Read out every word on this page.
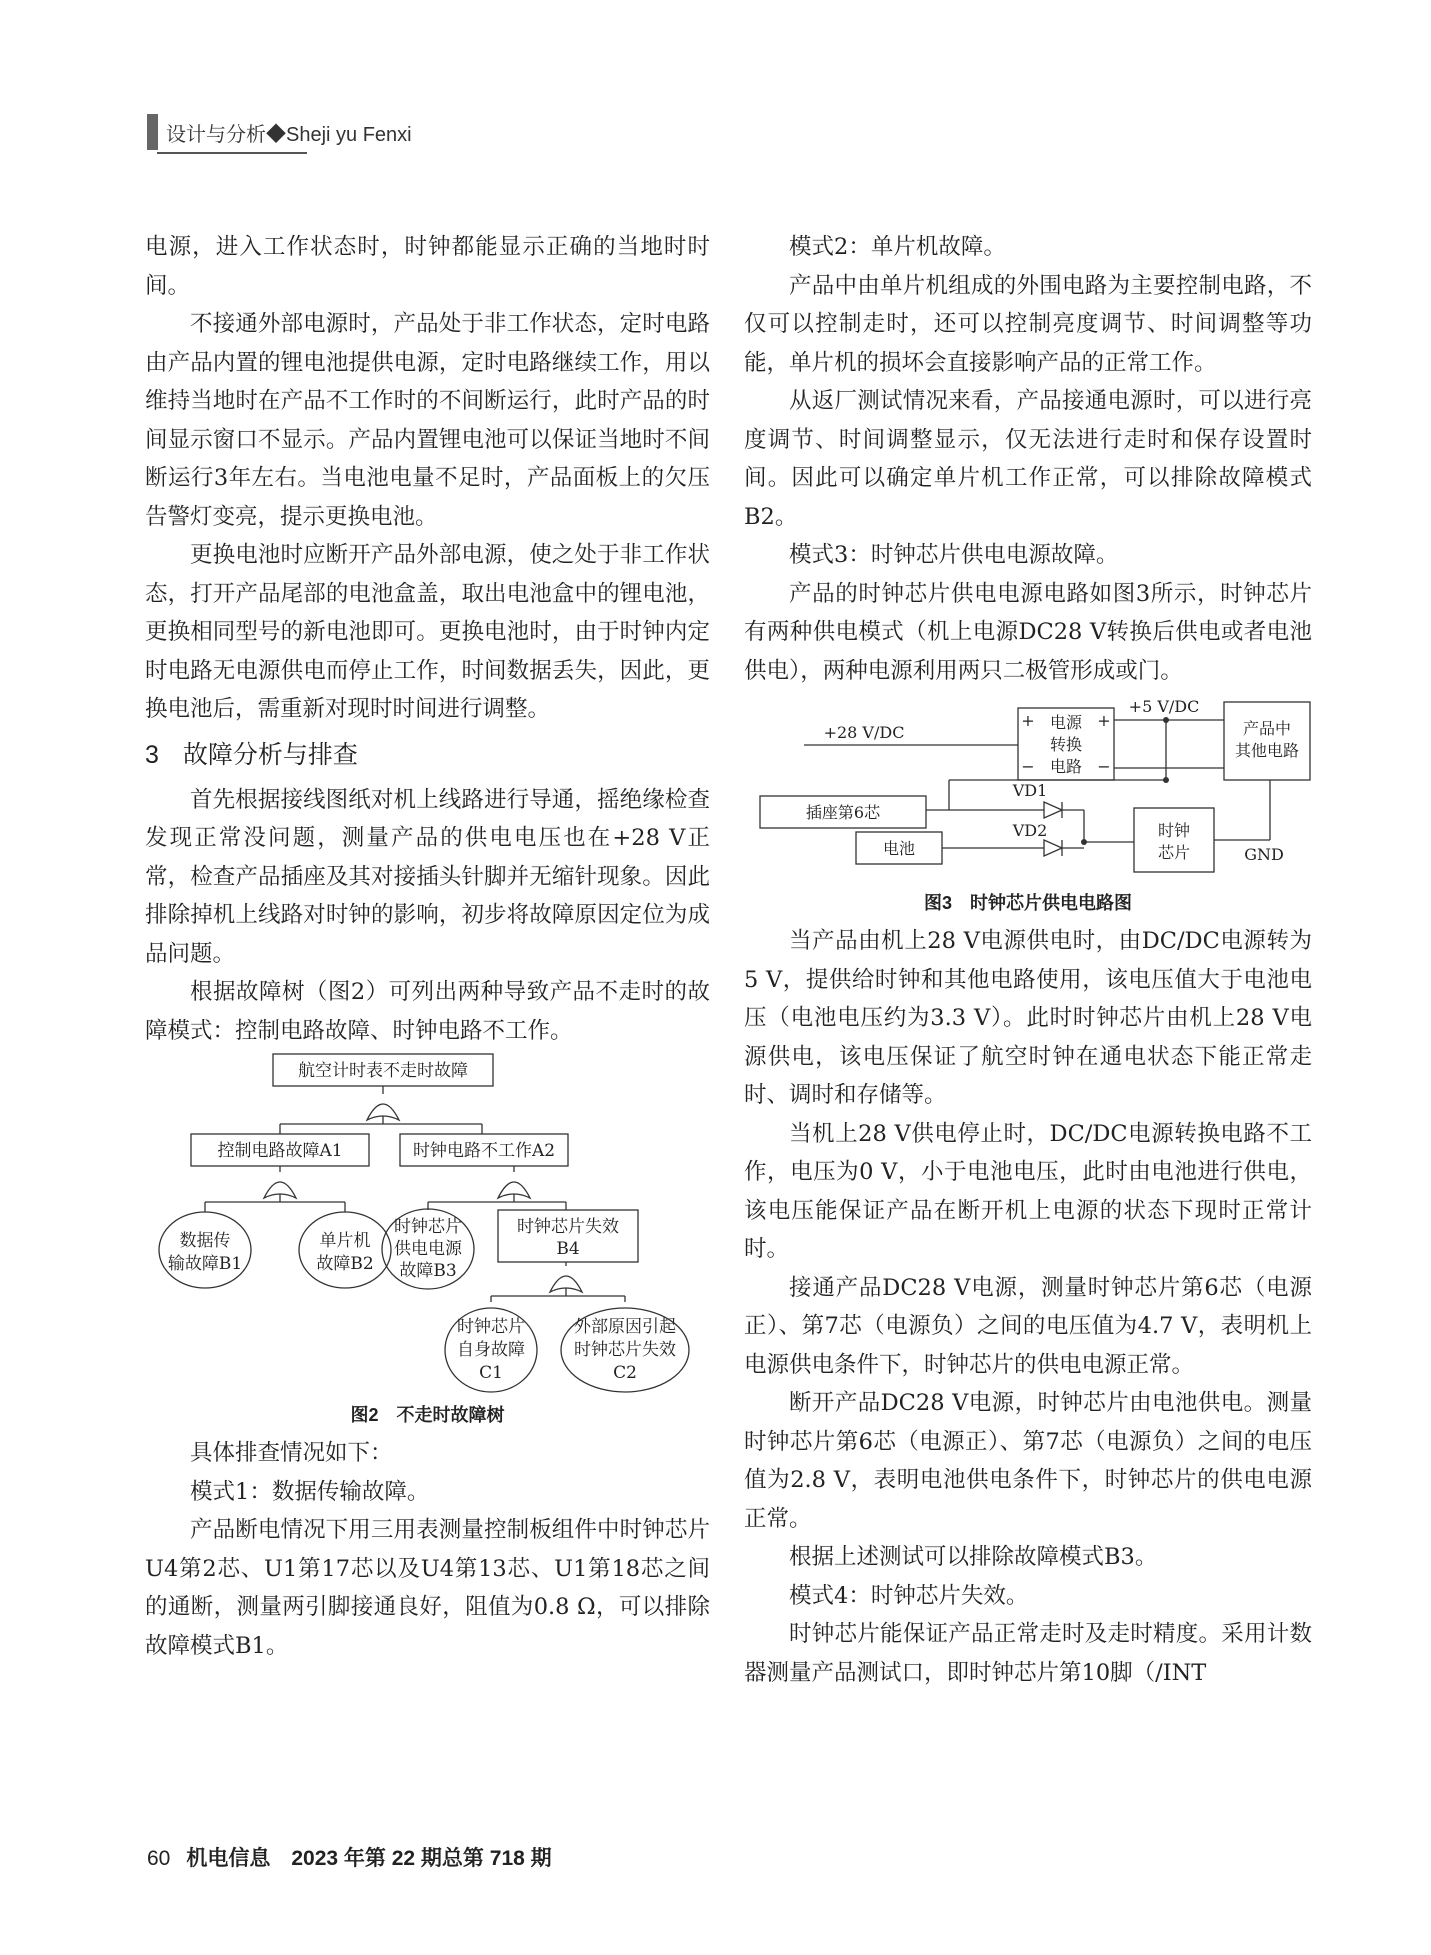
设计与分析◆Sheji yu Fenxi

电源，进入工作状态时，时钟都能显示正确的当地时时间。

不接通外部电源时，产品处于非工作状态，定时电路由产品内置的锂电池提供电源，定时电路继续工作，用以维持当地时在产品不工作时的不间断运行，此时产品的时间显示窗口不显示。产品内置锂电池可以保证当地时不间断运行3年左右。当电池电量不足时，产品面板上的欠压告警灯变亮，提示更换电池。

更换电池时应断开产品外部电源，使之处于非工作状态，打开产品尾部的电池盒盖，取出电池盒中的锂电池，更换相同型号的新电池即可。更换电池时，由于时钟内定时电路无电源供电而停止工作，时间数据丢失，因此，更换电池后，需重新对现时时间进行调整。

3 故障分析与排查

首先根据接线图纸对机上线路进行导通，摇绝缘检查发现正常没问题，测量产品的供电电压也在+28 V正常，检查产品插座及其对接插头针脚并无缩针现象。因此排除掉机上线路对时钟的影响，初步将故障原因定位为成品问题。

根据故障树（图2）可列出两种导致产品不走时的故障模式：控制电路故障、时钟电路不工作。

航空计时表不走时故障
控制电路故障A1	时钟电路不工作A2
数据传
输故障B1
单片机
故障B2
时钟芯片
供电电源
故障B3
时钟芯片失效
B4
时钟芯片
自身故障
C1
外部原因引起
时钟芯片失效
C2
图2　不走时故障树

具体排查情况如下：

模式1：数据传输故障。

产品断电情况下用三用表测量控制板组件中时钟芯片U4第2芯、U1第17芯以及U4第13芯、U1第18芯之间的通断，测量两引脚接通良好，阻值为0.8 Ω，可以排除故障模式B1。

模式2：单片机故障。

产品中由单片机组成的外围电路为主要控制电路，不仅可以控制走时，还可以控制亮度调节、时间调整等功能，单片机的损坏会直接影响产品的正常工作。

从返厂测试情况来看，产品接通电源时，可以进行亮度调节、时间调整显示，仅无法进行走时和保存设置时间。因此可以确定单片机工作正常，可以排除故障模式B2。

模式3：时钟芯片供电电源故障。

产品的时钟芯片供电电源电路如图3所示，时钟芯片有两种供电模式（机上电源DC28 V转换后供电或者电池供电），两种电源利用两只二极管形成或门。

+28 V/DC
电源
转换
电路
+	+
−	−
+5 V/DC
产品中
其他电路
插座第6芯
电池
VD1
VD2	时钟
芯片	GND
图3　时钟芯片供电电路图

当产品由机上28 V电源供电时，由DC/DC电源转为5 V，提供给时钟和其他电路使用，该电压值大于电池电压（电池电压约为3.3 V）。此时时钟芯片由机上28 V电源供电，该电压保证了航空时钟在通电状态下能正常走时、调时和存储等。

当机上28 V供电停止时，DC/DC电源转换电路不工作，电压为0 V，小于电池电压，此时由电池进行供电，该电压能保证产品在断开机上电源的状态下现时正常计时。

接通产品DC28 V电源，测量时钟芯片第6芯（电源正）、第7芯（电源负）之间的电压值为4.7 V，表明机上电源供电条件下，时钟芯片的供电电源正常。

断开产品DC28 V电源，时钟芯片由电池供电。测量时钟芯片第6芯（电源正）、第7芯（电源负）之间的电压值为2.8 V，表明电池供电条件下，时钟芯片的供电电源正常。

根据上述测试可以排除故障模式B3。

模式4：时钟芯片失效。

时钟芯片能保证产品正常走时及走时精度。采用计数器测量产品测试口，即时钟芯片第10脚（/INT

60 机电信息　2023 年第 22 期总第 718 期
